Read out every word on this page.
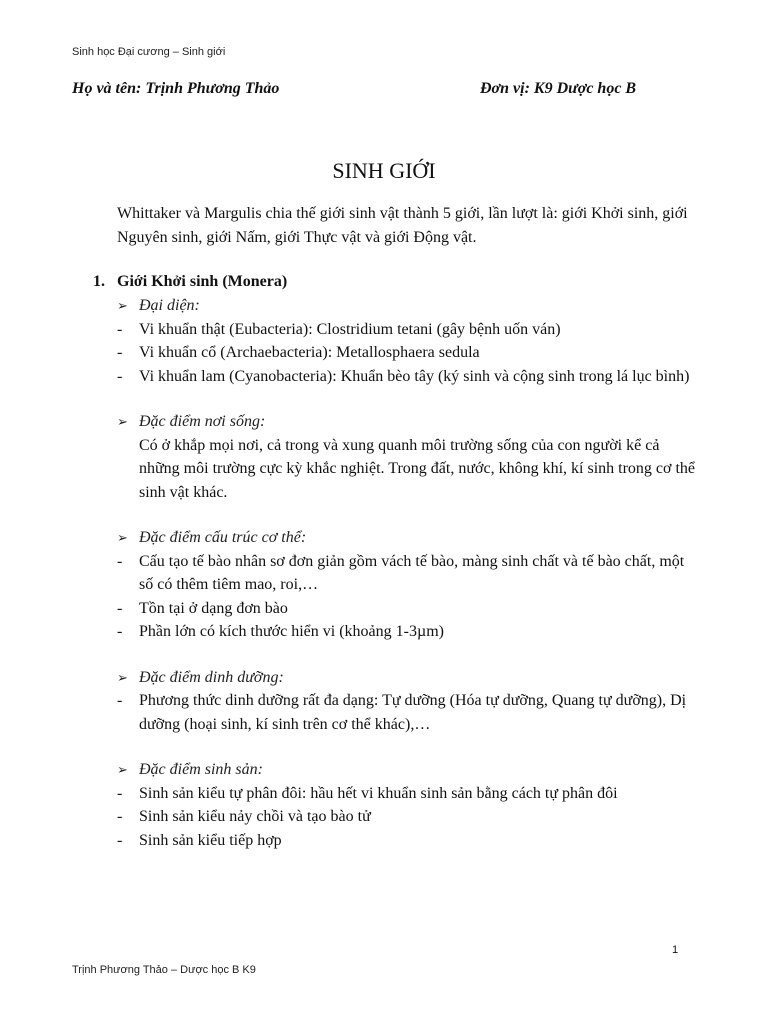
Sinh học Đại cương – Sinh giới
Họ và tên: Trịnh Phương Thảo	Đơn vị: K9 Dược học B
SINH GIỚI
Whittaker và Margulis chia thế giới sinh vật thành 5 giới, lần lượt là: giới Khởi sinh, giới Nguyên sinh, giới Nấm, giới Thực vật và giới Động vật.
1. Giới Khởi sinh (Monera)
➢ Đại diện:
- Vi khuẩn thật (Eubacteria): Clostridium tetani (gây bệnh uốn ván)
- Vi khuẩn cổ (Archaebacteria): Metallosphaera sedula
- Vi khuẩn lam (Cyanobacteria): Khuẩn bèo tây (ký sinh và cộng sinh trong lá lục bình)
➢ Đặc điểm nơi sống:
Có ở khắp mọi nơi, cả trong và xung quanh môi trường sống của con người kể cả những môi trường cực kỳ khắc nghiệt. Trong đất, nước, không khí, kí sinh trong cơ thể sinh vật khác.
➢ Đặc điểm cấu trúc cơ thể:
- Cấu tạo tế bào nhân sơ đơn giản gồm vách tế bào, màng sinh chất và tế bào chất, một số có thêm tiêm mao, roi,…
- Tồn tại ở dạng đơn bào
- Phần lớn có kích thước hiển vi (khoảng 1-3µm)
➢ Đặc điểm dinh dưỡng:
- Phương thức dinh dưỡng rất đa dạng: Tự dưỡng (Hóa tự dưỡng, Quang tự dưỡng), Dị dưỡng (hoại sinh, kí sinh trên cơ thể khác),…
➢ Đặc điểm sinh sản:
- Sinh sản kiểu tự phân đôi: hầu hết vi khuẩn sinh sản bằng cách tự phân đôi
- Sinh sản kiểu nảy chồi và tạo bào tử
- Sinh sản kiểu tiếp hợp
1
Trịnh Phương Thảo – Dược học B K9
